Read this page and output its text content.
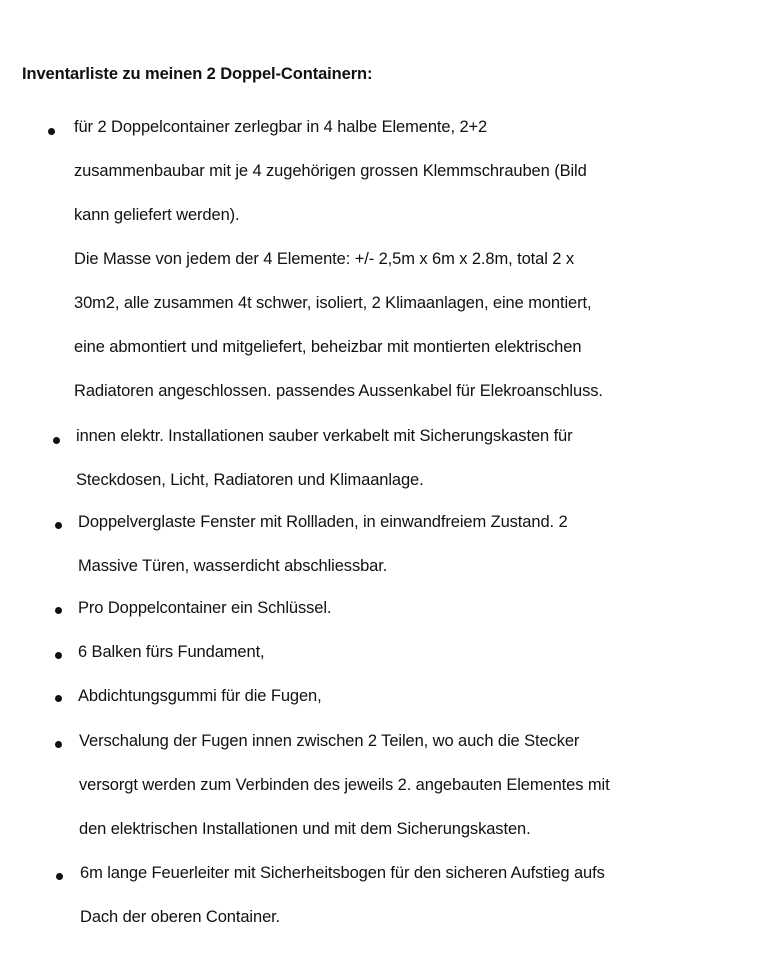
Inventarliste zu meinen 2 Doppel-Containern:
für 2 Doppelcontainer zerlegbar in 4 halbe Elemente, 2+2
zusammenbaubar mit je 4 zugehörigen grossen Klemmschrauben (Bild
kann geliefert werden).
Die Masse von jedem der 4 Elemente: +/- 2,5m x 6m x 2.8m, total 2 x
30m2, alle zusammen 4t schwer, isoliert, 2 Klimaanlagen, eine montiert,
eine abmontiert und mitgeliefert, beheizbar mit montierten elektrischen
Radiatoren angeschlossen. passendes Aussenkabel für Elekroanschluss.
innen elektr. Installationen sauber verkabelt mit Sicherungskasten für
Steckdosen, Licht, Radiatoren und Klimaanlage.
Doppelverglaste Fenster mit Rollladen, in einwandfreiem Zustand. 2
Massive Türen, wasserdicht abschliessbar.
Pro Doppelcontainer ein Schlüssel.
6 Balken fürs Fundament,
Abdichtungsgummi für die Fugen,
Verschalung der Fugen innen zwischen 2 Teilen, wo auch die Stecker
versorgt werden zum Verbinden des jeweils 2. angebauten Elementes mit
den elektrischen Installationen und mit dem Sicherungskasten.
6m lange Feuerleiter mit Sicherheitsbogen für den sicheren Aufstieg aufs
Dach der oberen Container.
